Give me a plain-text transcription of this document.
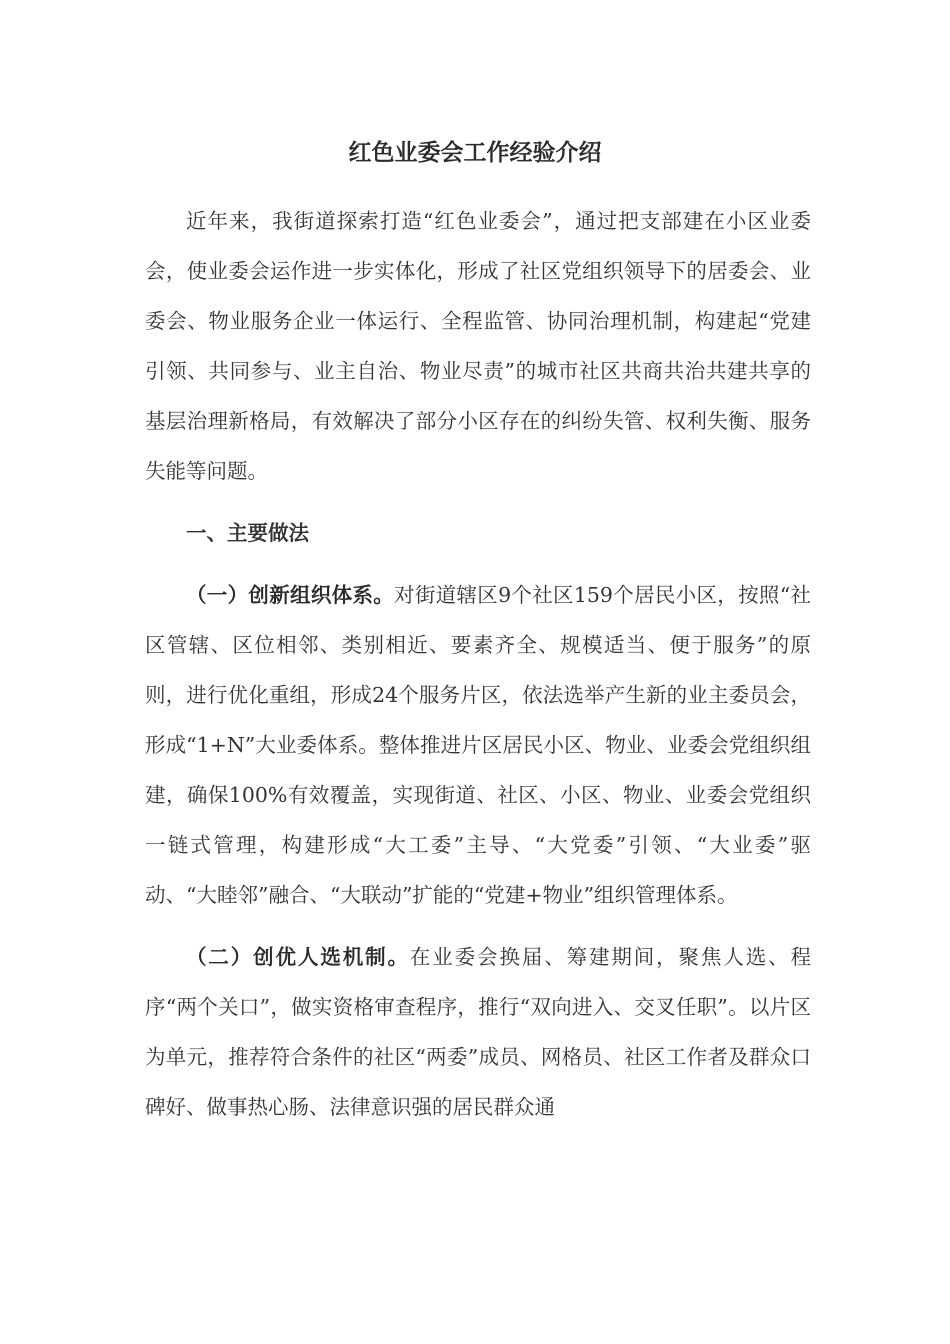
红色业委会工作经验介绍

近年来，我街道探索打造“红色业委会”，通过把支部建在小区业委会，使业委会运作进一步实体化，形成了社区党组织领导下的居委会、业委会、物业服务企业一体运行、全程监管、协同治理机制，构建起“党建引领、共同参与、业主自治、物业尽责”的城市社区共商共治共建共享的基层治理新格局，有效解决了部分小区存在的纠纷失管、权利失衡、服务失能等问题。

一、主要做法

（一）创新组织体系。对街道辖区9个社区159个居民小区，按照“社区管辖、区位相邻、类别相近、要素齐全、规模适当、便于服务”的原则，进行优化重组，形成24个服务片区，依法选举产生新的业主委员会，形成“1+N”大业委体系。整体推进片区居民小区、物业、业委会党组织组建，确保100%有效覆盖，实现街道、社区、小区、物业、业委会党组织一链式管理，构建形成“大工委”主导、“大党委”引领、“大业委”驱动、“大睦邻”融合、“大联动”扩能的“党建+物业”组织管理体系。

（二）创优人选机制。在业委会换届、筹建期间，聚焦人选、程序“两个关口”，做实资格审查程序，推行“双向进入、交叉任职”。以片区为单元，推荐符合条件的社区“两委”成员、网格员、社区工作者及群众口碑好、做事热心肠、法律意识强的居民群众通
